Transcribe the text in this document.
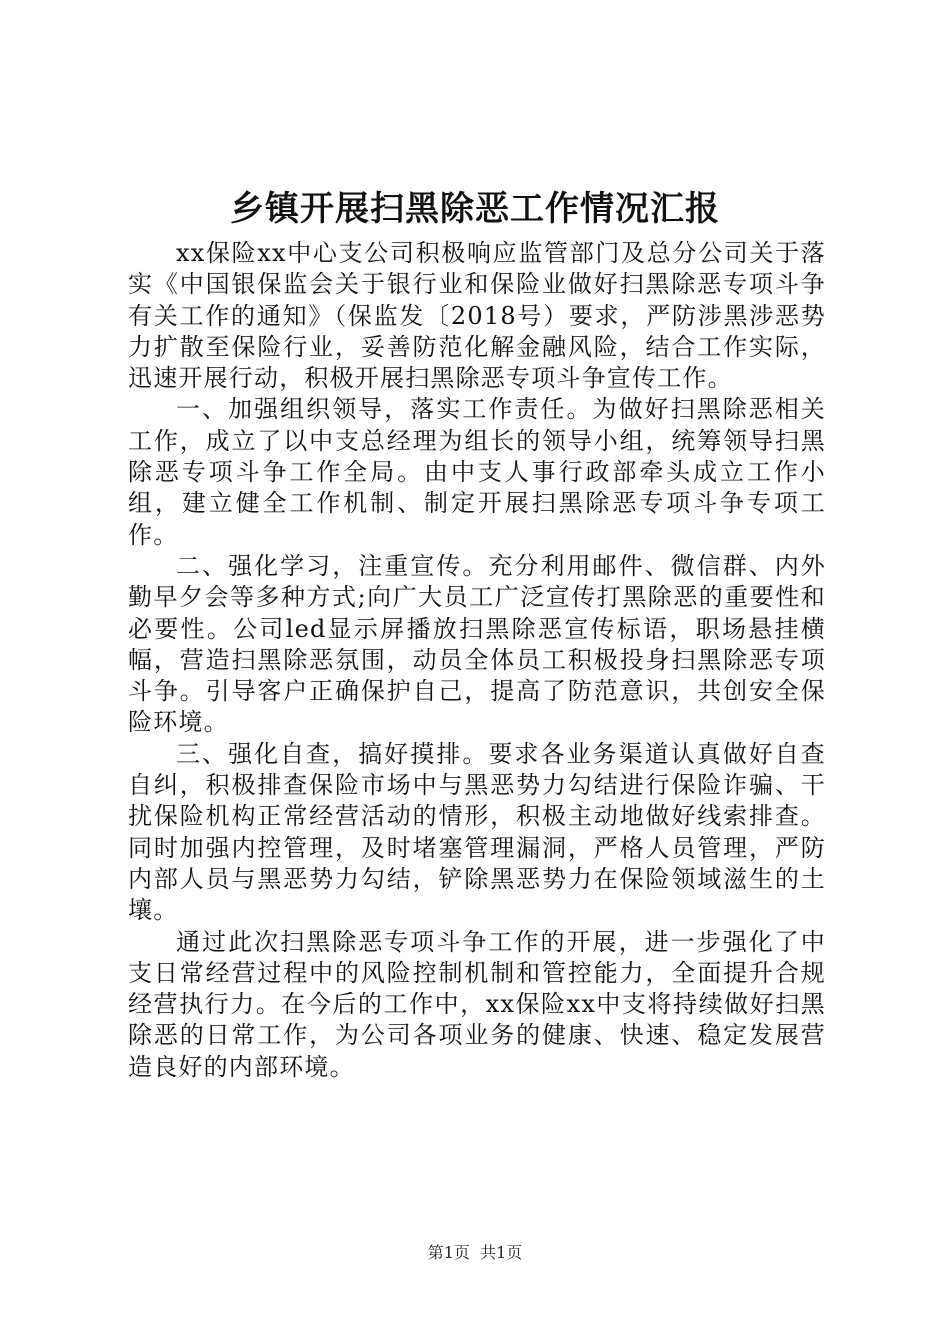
乡镇开展扫黑除恶工作情况汇报

xx保险xx中心支公司积极响应监管部门及总分公司关于落实《中国银保监会关于银行业和保险业做好扫黑除恶专项斗争有关工作的通知》（保监发〔2018号）要求，严防涉黑涉恶势力扩散至保险行业，妥善防范化解金融风险，结合工作实际，迅速开展行动，积极开展扫黑除恶专项斗争宣传工作。

一、加强组织领导，落实工作责任。为做好扫黑除恶相关工作，成立了以中支总经理为组长的领导小组，统筹领导扫黑除恶专项斗争工作全局。由中支人事行政部牵头成立工作小组，建立健全工作机制、制定开展扫黑除恶专项斗争专项工作。

二、强化学习，注重宣传。充分利用邮件、微信群、内外勤早夕会等多种方式;向广大员工广泛宣传打黑除恶的重要性和必要性。公司led显示屏播放扫黑除恶宣传标语，职场悬挂横幅，营造扫黑除恶氛围，动员全体员工积极投身扫黑除恶专项斗争。引导客户正确保护自己，提高了防范意识，共创安全保险环境。

三、强化自查，搞好摸排。要求各业务渠道认真做好自查自纠，积极排查保险市场中与黑恶势力勾结进行保险诈骗、干扰保险机构正常经营活动的情形，积极主动地做好线索排查。同时加强内控管理，及时堵塞管理漏洞，严格人员管理，严防内部人员与黑恶势力勾结，铲除黑恶势力在保险领域滋生的土壤。

通过此次扫黑除恶专项斗争工作的开展，进一步强化了中支日常经营过程中的风险控制机制和管控能力，全面提升合规经营执行力。在今后的工作中，xx保险xx中支将持续做好扫黑除恶的日常工作，为公司各项业务的健康、快速、稳定发展营造良好的内部环境。

第1页 共1页
